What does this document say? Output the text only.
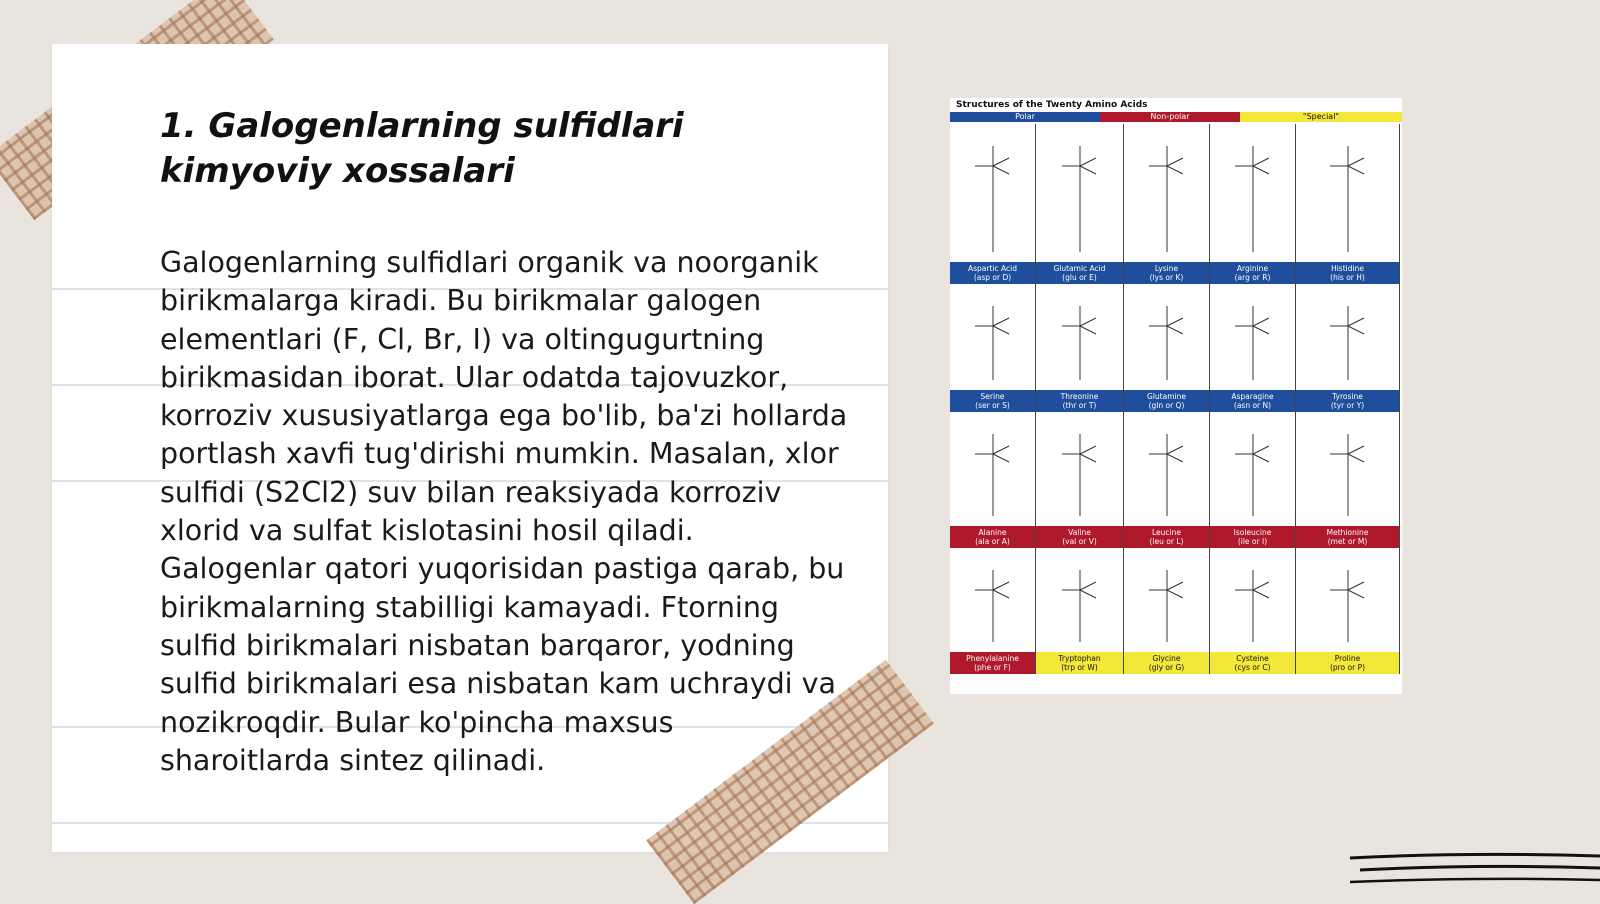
1. Galogenlarning sulfidlari kimyoviy xossalari
Galogenlarning sulfidlari organik va noorganik birikmalarga kiradi. Bu birikmalar galogen elementlari (F, Cl, Br, I) va oltingugurtning birikmasidan iborat. Ular odatda tajovuzkor, korroziv xususiyatlarga ega bo'lib, ba'zi hollarda portlash xavfi tug'dirishi mumkin. Masalan, xlor sulfidi (S2Cl2) suv bilan reaksiyada korroziv xlorid va sulfat kislotasini hosil qiladi. Galogenlar qatori yuqorisidan pastiga qarab, bu birikmalarning stabilligi kamayadi. Ftorning sulfid birikmalari nisbatan barqaror, yodning sulfid birikmalari esa nisbatan kam uchraydi va nozikroqdir. Bular ko'pincha maxsus sharoitlarda sintez qilinadi.
Structures of the Twenty Amino Acids
Polar	Non-polar	"Special"
Aspartic Acid
(asp or D)
Glutamic Acid
(glu or E)
Lysine
(lys or K)
Arginine
(arg or R)
Histidine
(his or H)
Serine
(ser or S)
Threonine
(thr or T)
Glutamine
(gln or Q)
Asparagine
(asn or N)
Tyrosine
(tyr or Y)
Alanine
(ala or A)
Valine
(val or V)
Leucine
(leu or L)
Isoleucine
(ile or I)
Methionine
(met or M)
Phenylalanine
(phe or F)
Tryptophan
(trp or W)
Glycine
(gly or G)
Cysteine
(cys or C)
Proline
(pro or P)
